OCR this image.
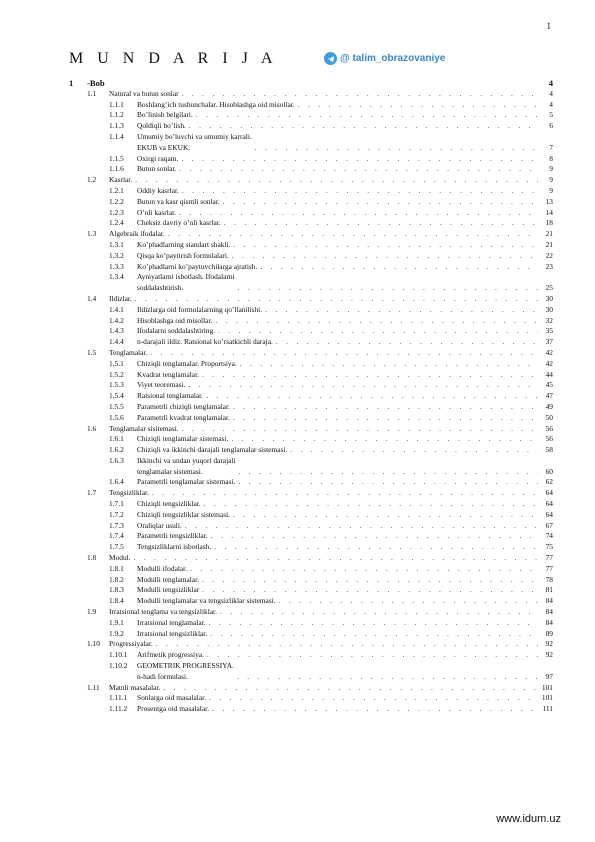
1
M U N D A R I J A	@ talim_obrazovaniye
1	-Bob	4
1.1	Natural va butun sonlar . . .	4
1.1.1	Boshlang’ich tushunchalar. Hisoblashga oid misollar. . . .	4
1.1.2	Bo’linish belgilari. . . .	5
1.1.3	Qoldiqli bo’lish. . . .	6
1.1.4	Umumiy bo’luvchi va umumiy karrali.
EKUB va EKUK. . . .	7
1.1.5	Oxirgi raqam. . . .	8
1.1.6	Butun sonlar. . . .	9
1.2	Kasrlar. . . .	9
1.2.1	Oddiy kasrlar. . . .	9
1.2.2	Butun va kasr qismli sonlar. . . .	13
1.2.3	O’nli kasrlar. . . .	14
1.2.4	Cheksiz davriy o’nli kasrlar. . . .	18
1.3	Algebraik ifodalar. . . .	21
1.3.1	Ko’phadlarning standart shakli. . . .	21
1.3.2	Qisqa ko’paytirish formulalari. . . .	22
1.3.3	Ko’phadlarni ko’paytuvchilarga ajratish. . . .	23
1.3.4	Ayniyatlarni isbotlash. Ifodalarni
soddalashtirish. . . .	25
1.4	Ildizlar. . . .	30
1.4.1	Ildizlarga oid formulalarning qo’llanilishi. . . .	30
1.4.2	Hisoblashga oid misollar. . . .	32
1.4.3	Ifodalarni soddalashtiring. . . .	35
1.4.4	n-darajali ildiz. Ratsional ko’rsatkichli daraja. . . .	37
1.5	Tenglamalar. . . .	42
1.5.1	Chiziqli tenglamalar. Proportsiya. . . .	42
1.5.2	Kvadrat tenglamalar. . . .	44
1.5.3	Viyet teoremasi. . . .	45
1.5.4	Ratsional tenglamalar. . . .	47
1.5.5	Parametrli chiziqli tenglamalar. . . .	49
1.5.6	Parametrli kvadrat tenglamalar. . . .	50
1.6	Tenglamalar sisitemasi. . . .	56
1.6.1	Chiziqli tenglamalar sistemasi. . . .	56
1.6.2	Chiziqli va ikkinchi darajali tenglamalar sistemasi. . . .	58
1.6.3	Ikkinchi va undan yuqori darajali
tenglamalar sistemasi. . . .	60
1.6.4	Parametrli tenglamalar sistemasi. . . .	62
1.7	Tengsizliklar. . . .	64
1.7.1	Chiziqli tengsizliklar. . . .	64
1.7.2	Chiziqli tengsizliklar sistemasi. . . .	64
1.7.3	Oraliqlar usuli. . . .	67
1.7.4	Parametrli tengsizliklar. . . .	74
1.7.5	Tengsizliklarni isbotlash. . . .	75
1.8	Modul. . . .	77
1.8.1	Modulli ifodalar. . . .	77
1.8.2	Modulli tenglamalar. . . .	78
1.8.3	Modulli tengsizliklar . . .	81
1.8.4	Modulli tenglamalar va tengsizliklar sistemasi. . . .	84
1.9	Irratsional tenglama va tengsizliklar. . . .	84
1.9.1	Irratsional tenglamalar. . . .	84
1.9.2	Irratsional tengsizliklar. . . .	89
1.10	Progressiyalar. . . .	92
1.10.1	Arifmetik progressiya. . . .	92
1.10.2	GEOMETRIK PROGRESSIYA.
n-hadi formulasi. . . .	97
1.11	Matnli masalalar. . . .	101
1.11.1	Sonlarga oid masalalar. . . .	101
1.11.2	Prosentga oid masalalar. . . .	111
www.idum.uz
